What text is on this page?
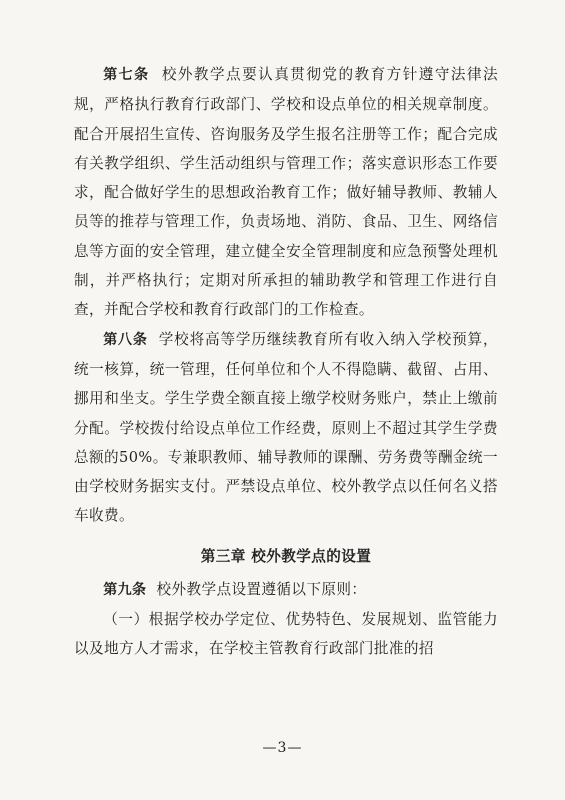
第七条 校外教学点要认真贯彻党的教育方针遵守法律法规，严格执行教育行政部门、学校和设点单位的相关规章制度。配合开展招生宣传、咨询服务及学生报名注册等工作；配合完成有关教学组织、学生活动组织与管理工作；落实意识形态工作要求，配合做好学生的思想政治教育工作；做好辅导教师、教辅人员等的推荐与管理工作，负责场地、消防、食品、卫生、网络信息等方面的安全管理，建立健全安全管理制度和应急预警处理机制，并严格执行；定期对所承担的辅助教学和管理工作进行自查，并配合学校和教育行政部门的工作检查。

第八条 学校将高等学历继续教育所有收入纳入学校预算，统一核算，统一管理，任何单位和个人不得隐瞒、截留、占用、挪用和坐支。学生学费全额直接上缴学校财务账户，禁止上缴前分配。学校拨付给设点单位工作经费，原则上不超过其学生学费总额的50%。专兼职教师、辅导教师的课酬、劳务费等酬金统一由学校财务据实支付。严禁设点单位、校外教学点以任何名义搭车收费。

第三章 校外教学点的设置

第九条 校外教学点设置遵循以下原则：

（一）根据学校办学定位、优势特色、发展规划、监管能力以及地方人才需求，在学校主管教育行政部门批准的招

—3—
